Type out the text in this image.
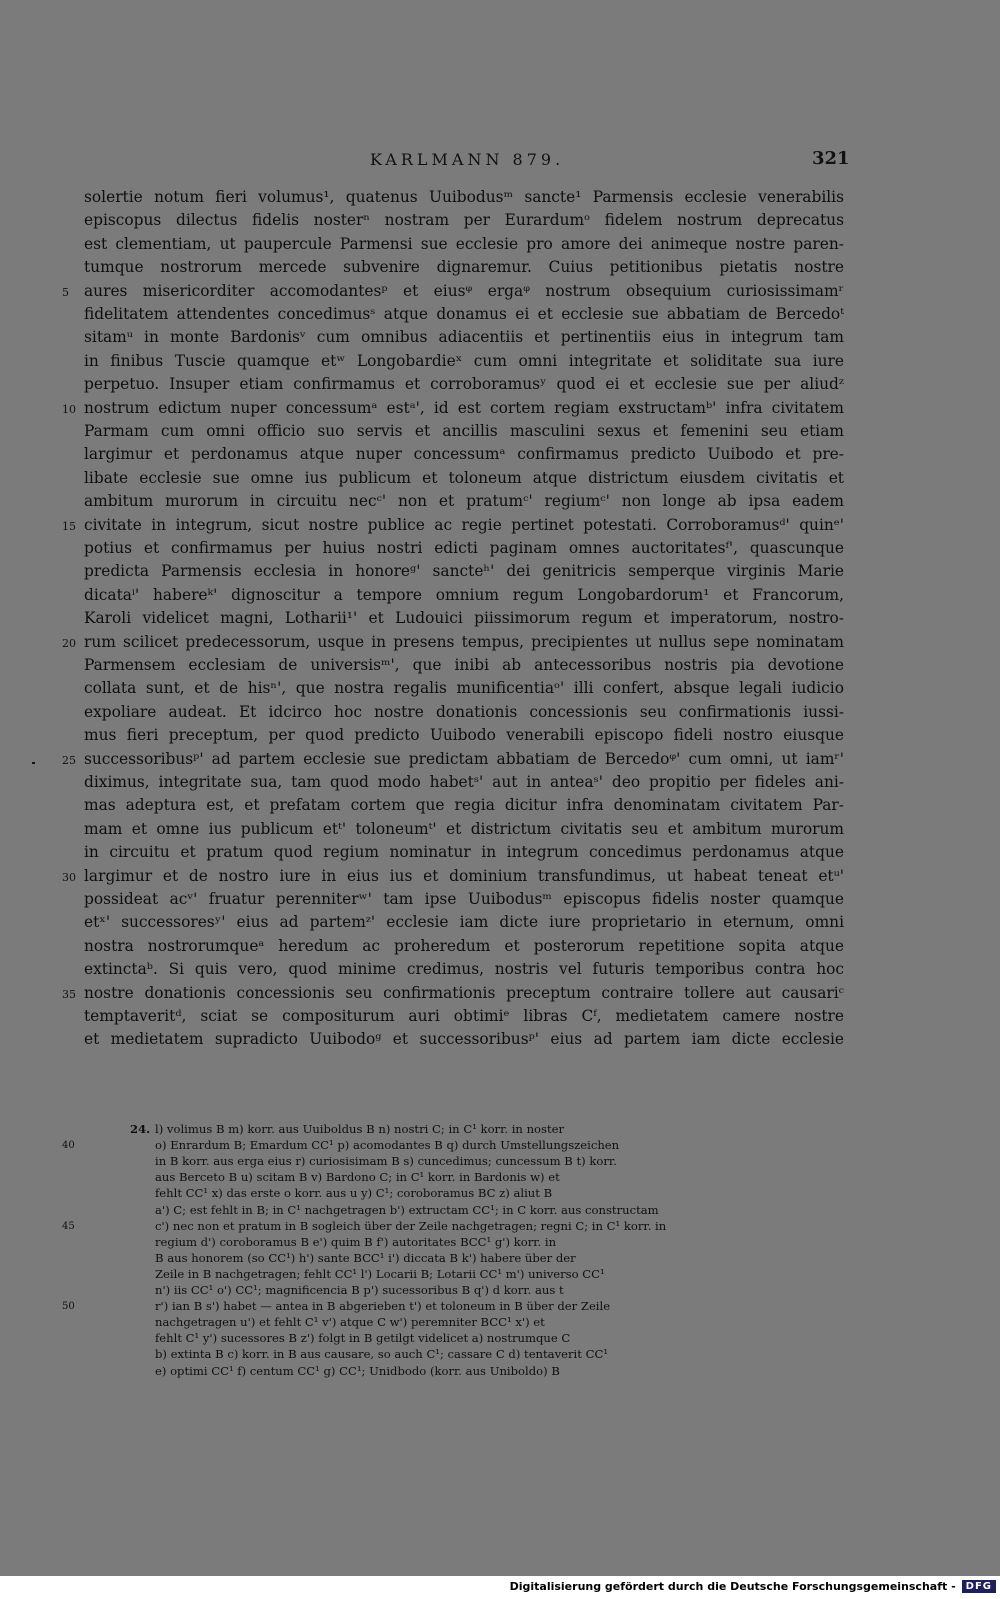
KARLMANN 879.	321
solertie notum fieri volumus¹, quatenus Uuibodusᵐ sancte¹ Parmensis ecclesie venerabilis
episcopus dilectus fidelis nosterⁿ nostram per Eurardumᵒ fidelem nostrum deprecatus
est clementiam, ut paupercule Parmensi sue ecclesie pro amore dei animeque nostre paren-
tumque nostrorum mercede subvenire dignaremur. Cuius petitionibus pietatis nostre
aures misericorditer accomodantesᵖ et eiusᵠ ergaᵠ nostrum obsequium curiosissimamʳ
fidelitatem attendentes concedimusˢ atque donamus ei et ecclesie sue abbatiam de Bercedoᵗ
sitamᵘ in monte Bardonisᵛ cum omnibus adiacentiis et pertinentiis eius in integrum tam
in finibus Tuscie quamque etʷ Longobardieˣ cum omni integritate et soliditate sua iure
perpetuo. Insuper etiam confirmamus et corroboramusʸ quod ei et ecclesie sue per aliudᶻ
nostrum edictum nuper concessumᵃ estᵃ', id est cortem regiam exstructamᵇ' infra civitatem
Parmam cum omni officio suo servis et ancillis masculini sexus et femenini seu etiam
largimur et perdonamus atque nuper concessumᵃ confirmamus predicto Uuibodo et pre-
libate ecclesie sue omne ius publicum et toloneum atque districtum eiusdem civitatis et
ambitum murorum in circuitu necᶜ' non et pratumᶜ' regiumᶜ' non longe ab ipsa eadem
civitate in integrum, sicut nostre publice ac regie pertinet potestati. Corroboramusᵈ' quinᵉ'
potius et confirmamus per huius nostri edicti paginam omnes auctoritatesᶠ', quascunque
predicta Parmensis ecclesia in honoreᵍ' sancteʰ' dei genitricis semperque virginis Marie
dicataⁱ' habereᵏ' dignoscitur a tempore omnium regum Longobardorum¹ et Francorum,
Karoli videlicet magni, Lotharii¹' et Ludouici piissimorum regum et imperatorum, nostro-
rum scilicet predecessorum, usque in presens tempus, precipientes ut nullus sepe nominatam
Parmensem ecclesiam de universisᵐ', que inibi ab antecessoribus nostris pia devotione
collata sunt, et de hisⁿ', que nostra regalis munificentiaᵒ' illi confert, absque legali iudicio
expoliare audeat. Et idcirco hoc nostre donationis concessionis seu confirmationis iussi-
mus fieri preceptum, per quod predicto Uuibodo venerabili episcopo fideli nostro eiusque
successoribusᵖ' ad partem ecclesie sue predictam abbatiam de Bercedoᵠ' cum omni, ut iamʳ'
diximus, integritate sua, tam quod modo habetˢ' aut in anteaˢ' deo propitio per fideles ani-
mas adeptura est, et prefatam cortem que regia dicitur infra denominatam civitatem Par-
mam et omne ius publicum etᵗ' toloneumᵗ' et districtum civitatis seu et ambitum murorum
in circuitu et pratum quod regium nominatur in integrum concedimus perdonamus atque
largimur et de nostro iure in eius ius et dominium transfundimus, ut habeat teneat etᵘ'
possideat acᵛ' fruatur perenniterʷ' tam ipse Uuibodusᵐ episcopus fidelis noster quamque
etˣ' successoresʸ' eius ad partemᶻ' ecclesie iam dicte iure proprietario in eternum, omni
nostra nostrorumqueᵃ heredum ac proheredum et posterorum repetitione sopita atque
extinctaᵇ. Si quis vero, quod minime credimus, nostris vel futuris temporibus contra hoc
nostre donationis concessionis seu confirmationis preceptum contraire tollere aut causariᶜ
temptaveritᵈ, sciat se compositurum auri obtimiᵉ libras Cᶠ, medietatem camere nostre
et medietatem supradicto Uuibodoᵍ et successoribusᵖ' eius ad partem iam dicte ecclesie
5
10
15
20
25
30
35
24. l) volimus B m) korr. aus Uuiboldus B n) nostri C; in C¹ korr. in noster
o) Enrardum B; Emardum CC¹ p) acomodantes B q) durch Umstellungszeichen
in B korr. aus erga eius r) curiosisimam B s) cuncedimus; cuncessum B t) korr.
aus Berceto B u) scitam B v) Bardono C; in C¹ korr. in Bardonis w) et
fehlt CC¹ x) das erste o korr. aus u y) C¹; coroboramus BC z) aliut B
a') C; est fehlt in B; in C¹ nachgetragen b') extructam CC¹; in C korr. aus constructam
c') nec non et pratum in B sogleich über der Zeile nachgetragen; regni C; in C¹ korr. in
regium d') coroboramus B e') quim B f') autoritates BCC¹ g') korr. in
B aus honorem (so CC¹) h') sante BCC¹ i') diccata B k') habere über der
Zeile in B nachgetragen; fehlt CC¹ l') Locarii B; Lotarii CC¹ m') universo CC¹
n') iis CC¹ o') CC¹; magnificencia B p') sucessoribus B q') d korr. aus t
r') ian B s') habet — antea in B abgerieben t') et toloneum in B über der Zeile
nachgetragen u') et fehlt C¹ v') atque C w') peremniter BCC¹ x') et
fehlt C¹ y') sucessores B z') folgt in B getilgt videlicet a) nostrumque C
b) extinta B c) korr. in B aus causare, so auch C¹; cassare C d) tentaverit CC¹
e) optimi CC¹ f) centum CC¹ g) CC¹; Unidbodo (korr. aus Uniboldo) B
40
45
50
Digitalisierung gefördert durch die Deutsche Forschungsgemeinschaft -	DFG
